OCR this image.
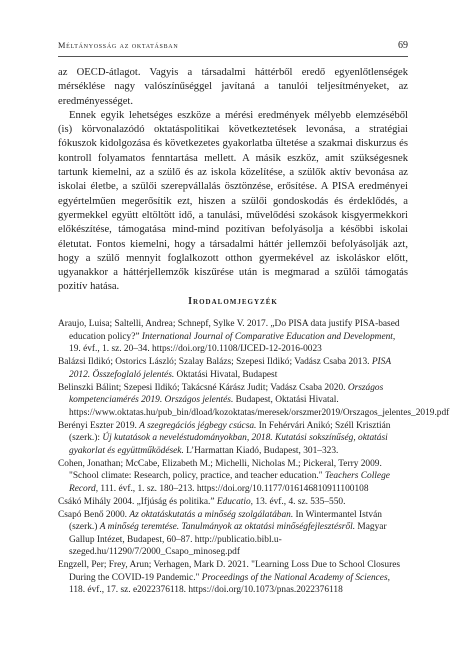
Méltányosság az oktatásban	69

az OECD-átlagot. Vagyis a társadalmi háttérből eredő egyenlőtlenségek mérséklése nagy valószínűséggel javítaná a tanulói teljesítményeket, az eredményességet.

Ennek egyik lehetséges eszköze a mérési eredmények mélyebb elemzéséből (is) körvonalazódó oktatáspolitikai következtetések levonása, a stratégiai fókuszok kidolgozása és következetes gyakorlatba ültetése a szakmai diskurzus és kontroll folyamatos fenntartása mellett. A másik eszköz, amit szükségesnek tartunk kiemelni, az a szülő és az iskola közelítése, a szülők aktív bevonása az iskolai életbe, a szülői szerepvállalás ösztönzése, erősítése. A PISA eredményei egyértelműen megerősítik ezt, hiszen a szülői gondoskodás és érdeklődés, a gyermekkel együtt eltöltött idő, a tanulási, művelődési szokások kisgyermekkori előkészítése, támogatása mind-mind pozitívan befolyásolja a későbbi iskolai életutat. Fontos kiemelni, hogy a társadalmi háttér jellemzői befolyásolják azt, hogy a szülő mennyit foglalkozott otthon gyermekével az iskoláskor előtt, ugyanakkor a háttérjellemzők kiszűrése után is megmarad a szülői támogatás pozitív hatása.

Irodalomjegyzék

Araujo, Luisa; Saltelli, Andrea; Schnepf, Sylke V. 2017. „Do PISA data justify PISA-based education policy?” International Journal of Comparative Education and Development, 19. évf., 1. sz. 20–34. https://doi.org/10.1108/IJCED-12-2016-0023

Balázsi Ildikó; Ostorics László; Szalay Balázs; Szepesi Ildikó; Vadász Csaba 2013. PISA 2012. Összefoglaló jelentés. Oktatási Hivatal, Budapest

Belinszki Bálint; Szepesi Ildikó; Takácsné Kárász Judit; Vadász Csaba 2020. Országos kompetenciamérés 2019. Országos jelentés. Budapest, Oktatási Hivatal. https://www.oktatas.hu/pub_bin/dload/kozoktatas/meresek/orszmer2019/Orszagos_jelentes_2019.pdf

Berényi Eszter 2019. A szegregációs jégbegy csúcsa. In Fehérvári Anikó; Széll Krisztián (szerk.): Új kutatások a neveléstudományokban, 2018. Kutatási sokszínűség, oktatási gyakorlat és együttműködések. L’Harmattan Kiadó, Budapest, 301–323.

Cohen, Jonathan; McCabe, Elizabeth M.; Michelli, Nicholas M.; Pickeral, Terry 2009. "School climate: Research, policy, practice, and teacher education." Teachers College Record, 111. évf., 1. sz. 180–213. https://doi.org/10.1177/016146810911100108

Csákó Mihály 2004. „Ifjúság és politika.” Educatio, 13. évf., 4. sz. 535–550.

Csapó Benő 2000. Az oktatáskutatás a minőség szolgálatában. In Wintermantel István (szerk.) A minőség teremtése. Tanulmányok az oktatási minőségfejlesztésről. Magyar Gallup Intézet, Budapest, 60–87. http://publicatio.bibl.u-szeged.hu/11290/7/2000_Csapo_minoseg.pdf

Engzell, Per; Frey, Arun; Verhagen, Mark D. 2021. "Learning Loss Due to School Closures During the COVID-19 Pandemic." Proceedings of the National Academy of Sciences, 118. évf., 17. sz. e2022376118. https://doi.org/10.1073/pnas.2022376118
